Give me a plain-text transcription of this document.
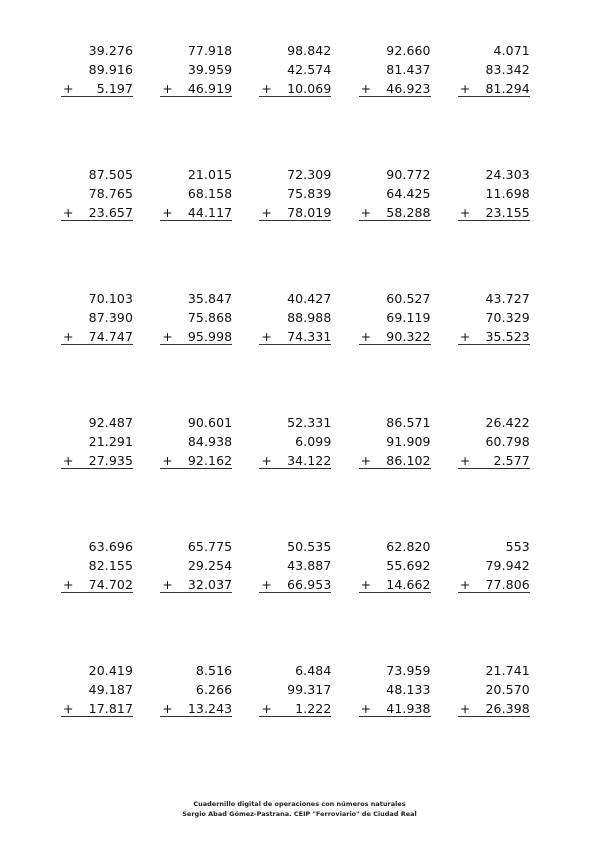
39.276
89.916
+	5.197
77.918
39.959
+	46.919
98.842
42.574
+	10.069
92.660
81.437
+	46.923
4.071
83.342
+	81.294
87.505
78.765
+	23.657
21.015
68.158
+	44.117
72.309
75.839
+	78.019
90.772
64.425
+	58.288
24.303
11.698
+	23.155
70.103
87.390
+	74.747
35.847
75.868
+	95.998
40.427
88.988
+	74.331
60.527
69.119
+	90.322
43.727
70.329
+	35.523
92.487
21.291
+	27.935
90.601
84.938
+	92.162
52.331
6.099
+	34.122
86.571
91.909
+	86.102
26.422
60.798
+	2.577
63.696
82.155
+	74.702
65.775
29.254
+	32.037
50.535
43.887
+	66.953
62.820
55.692
+	14.662
553
79.942
+	77.806
20.419
49.187
+	17.817
8.516
6.266
+	13.243
6.484
99.317
+	1.222
73.959
48.133
+	41.938
21.741
20.570
+	26.398
Cuadernillo digital de operaciones con números naturales
Sergio Abad Gómez-Pastrana. CEIP "Ferroviario" de Ciudad Real
